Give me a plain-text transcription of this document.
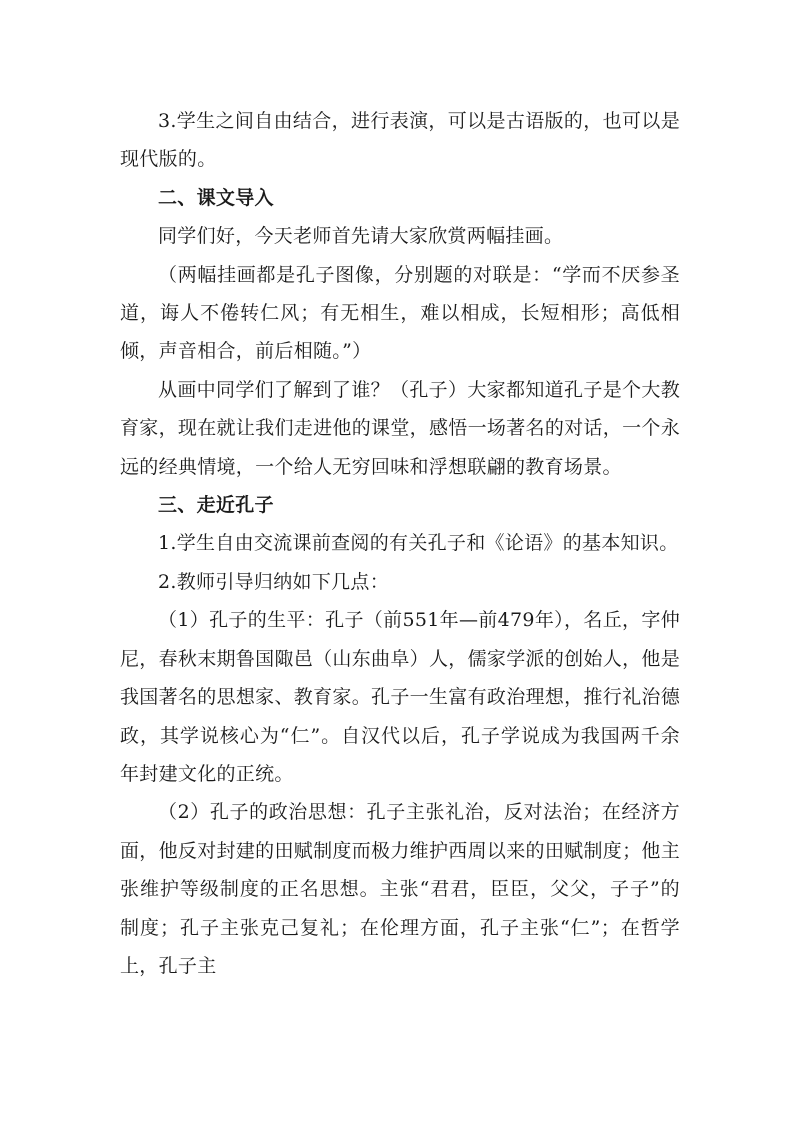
3.学生之间自由结合，进行表演，可以是古语版的，也可以是现代版的。

二、课文导入

同学们好，今天老师首先请大家欣赏两幅挂画。

（两幅挂画都是孔子图像，分别题的对联是：“学而不厌参圣道，诲人不倦转仁风；有无相生，难以相成，长短相形；高低相倾，声音相合，前后相随。”）

从画中同学们了解到了谁？（孔子）大家都知道孔子是个大教育家，现在就让我们走进他的课堂，感悟一场著名的对话，一个永远的经典情境，一个给人无穷回味和浮想联翩的教育场景。

三、走近孔子

1.学生自由交流课前查阅的有关孔子和《论语》的基本知识。

2.教师引导归纳如下几点：

（1）孔子的生平：孔子（前551年—前479年），名丘，字仲尼，春秋末期鲁国陬邑（山东曲阜）人，儒家学派的创始人，他是我国著名的思想家、教育家。孔子一生富有政治理想，推行礼治德政，其学说核心为“仁”。自汉代以后，孔子学说成为我国两千余年封建文化的正统。

（2）孔子的政治思想：孔子主张礼治，反对法治；在经济方面，他反对封建的田赋制度而极力维护西周以来的田赋制度；他主张维护等级制度的正名思想。主张“君君，臣臣，父父，子子”的制度；孔子主张克己复礼；在伦理方面，孔子主张“仁”；在哲学上，孔子主
